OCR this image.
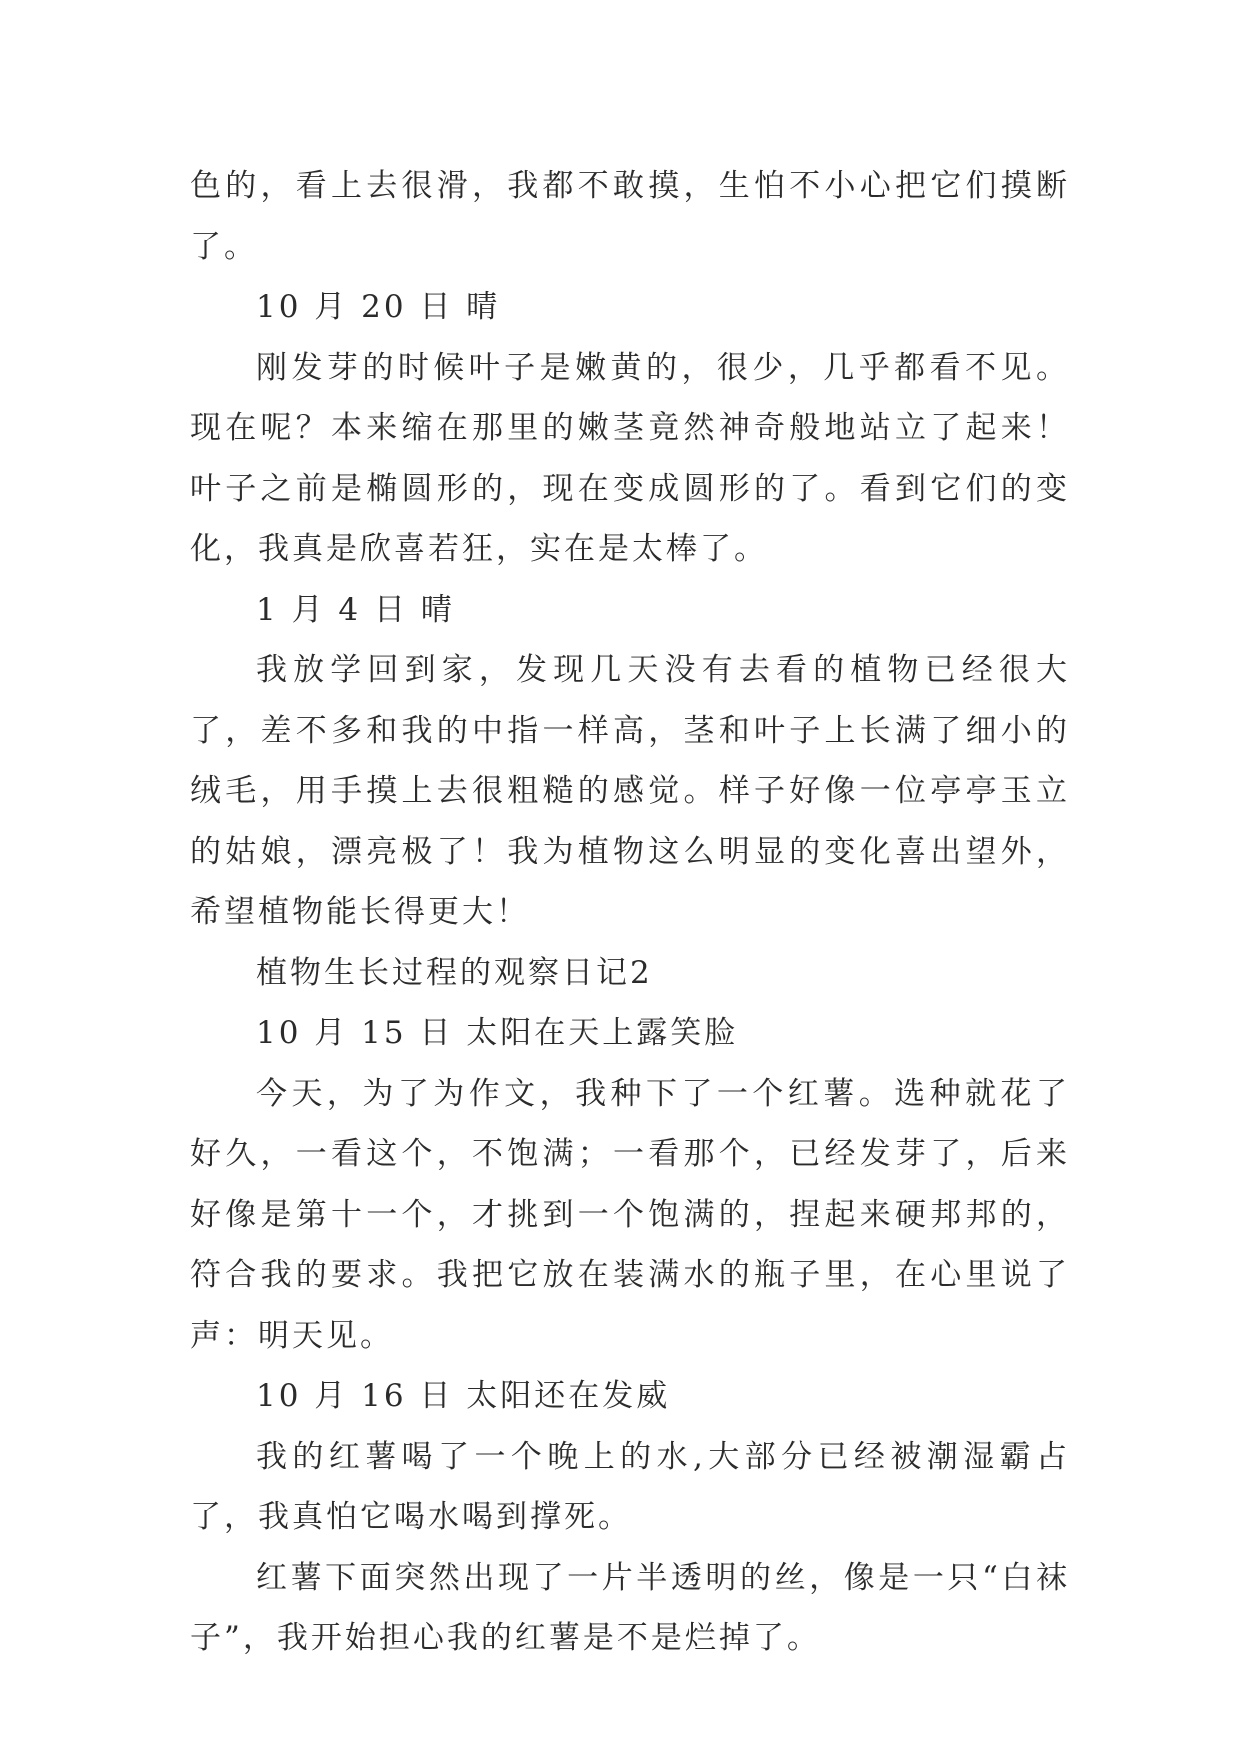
色的，看上去很滑，我都不敢摸，生怕不小心把它们摸断了。

10 月 20 日 晴

刚发芽的时候叶子是嫩黄的，很少，几乎都看不见。现在呢？本来缩在那里的嫩茎竟然神奇般地站立了起来！叶子之前是椭圆形的，现在变成圆形的了。看到它们的变化，我真是欣喜若狂，实在是太棒了。

1 月 4 日 晴

我放学回到家，发现几天没有去看的植物已经很大了，差不多和我的中指一样高，茎和叶子上长满了细小的绒毛，用手摸上去很粗糙的感觉。样子好像一位亭亭玉立的姑娘，漂亮极了！我为植物这么明显的变化喜出望外，希望植物能长得更大！

植物生长过程的观察日记2

10 月 15 日 太阳在天上露笑脸

今天，为了为作文，我种下了一个红薯。选种就花了好久，一看这个，不饱满；一看那个，已经发芽了，后来好像是第十一个，才挑到一个饱满的，捏起来硬邦邦的，符合我的要求。我把它放在装满水的瓶子里，在心里说了声：明天见。

10 月 16 日 太阳还在发威

我的红薯喝了一个晚上的水,大部分已经被潮湿霸占了，我真怕它喝水喝到撑死。

红薯下面突然出现了一片半透明的丝，像是一只“白袜子”，我开始担心我的红薯是不是烂掉了。
